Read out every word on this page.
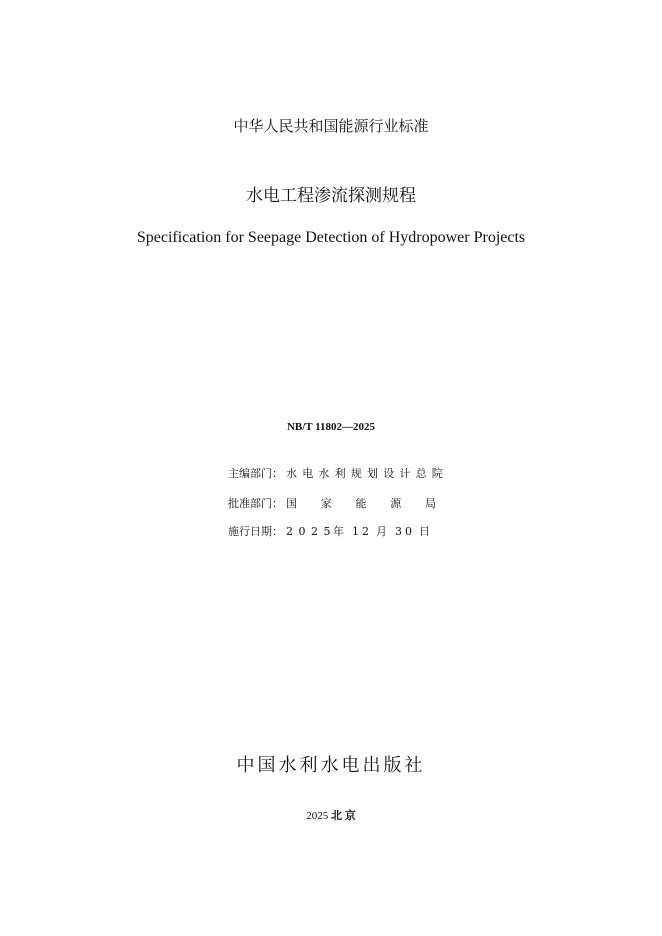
中华人民共和国能源行业标准
水电工程渗流探测规程
Specification for Seepage Detection of Hydropower Projects
NB/T 11802—2025
主编部门： 水电水利规划设计总院
批准部门： 国家能源局
施行日期： 2025
年 12 月 30 日
中国水利水电出版社
2025 北 京
